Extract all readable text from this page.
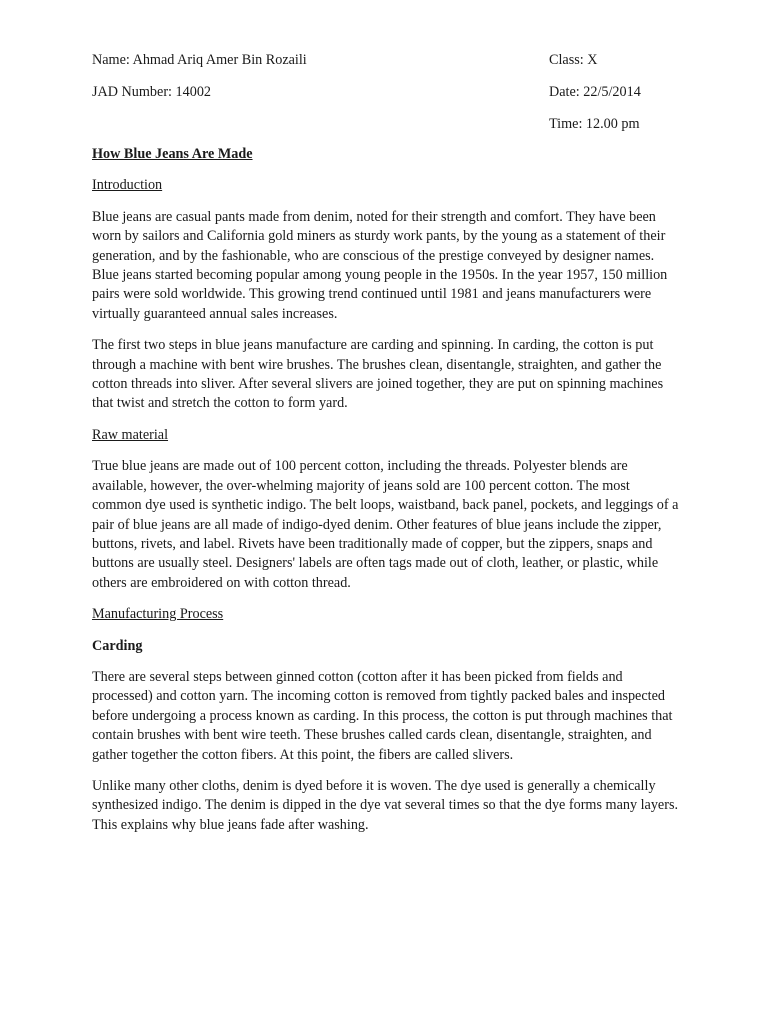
Name: Ahmad Ariq Amer Bin Rozaili	Class: X
JAD Number: 14002	Date: 22/5/2014
Time: 12.00 pm
How Blue Jeans Are Made
Introduction

Blue jeans are casual pants made from denim, noted for their strength and comfort. They have been worn by sailors and California gold miners as sturdy work pants, by the young as a statement of their generation, and by the fashionable, who are conscious of the prestige conveyed by designer names. Blue jeans started becoming popular among young people in the 1950s. In the year 1957, 150 million pairs were sold worldwide. This growing trend continued until 1981 and jeans manufacturers were virtually guaranteed annual sales increases.

The first two steps in blue jeans manufacture are carding and spinning. In carding, the cotton is put through a machine with bent wire brushes. The brushes clean, disentangle, straighten, and gather the cotton threads into sliver. After several slivers are joined together, they are put on spinning machines that twist and stretch the cotton to form yard.

Raw material

True blue jeans are made out of 100 percent cotton, including the threads. Polyester blends are available, however, the over-whelming majority of jeans sold are 100 percent cotton. The most common dye used is synthetic indigo. The belt loops, waistband, back panel, pockets, and leggings of a pair of blue jeans are all made of indigo-dyed denim. Other features of blue jeans include the zipper, buttons, rivets, and label. Rivets have been traditionally made of copper, but the zippers, snaps and buttons are usually steel. Designers' labels are often tags made out of cloth, leather, or plastic, while others are embroidered on with cotton thread.

Manufacturing Process
Carding

There are several steps between ginned cotton (cotton after it has been picked from fields and processed) and cotton yarn. The incoming cotton is removed from tightly packed bales and inspected before undergoing a process known as carding. In this process, the cotton is put through machines that contain brushes with bent wire teeth. These brushes called cards clean, disentangle, straighten, and gather together the cotton fibers. At this point, the fibers are called slivers.

Unlike many other cloths, denim is dyed before it is woven. The dye used is generally a chemically synthesized indigo. The denim is dipped in the dye vat several times so that the dye forms many layers. This explains why blue jeans fade after washing.
